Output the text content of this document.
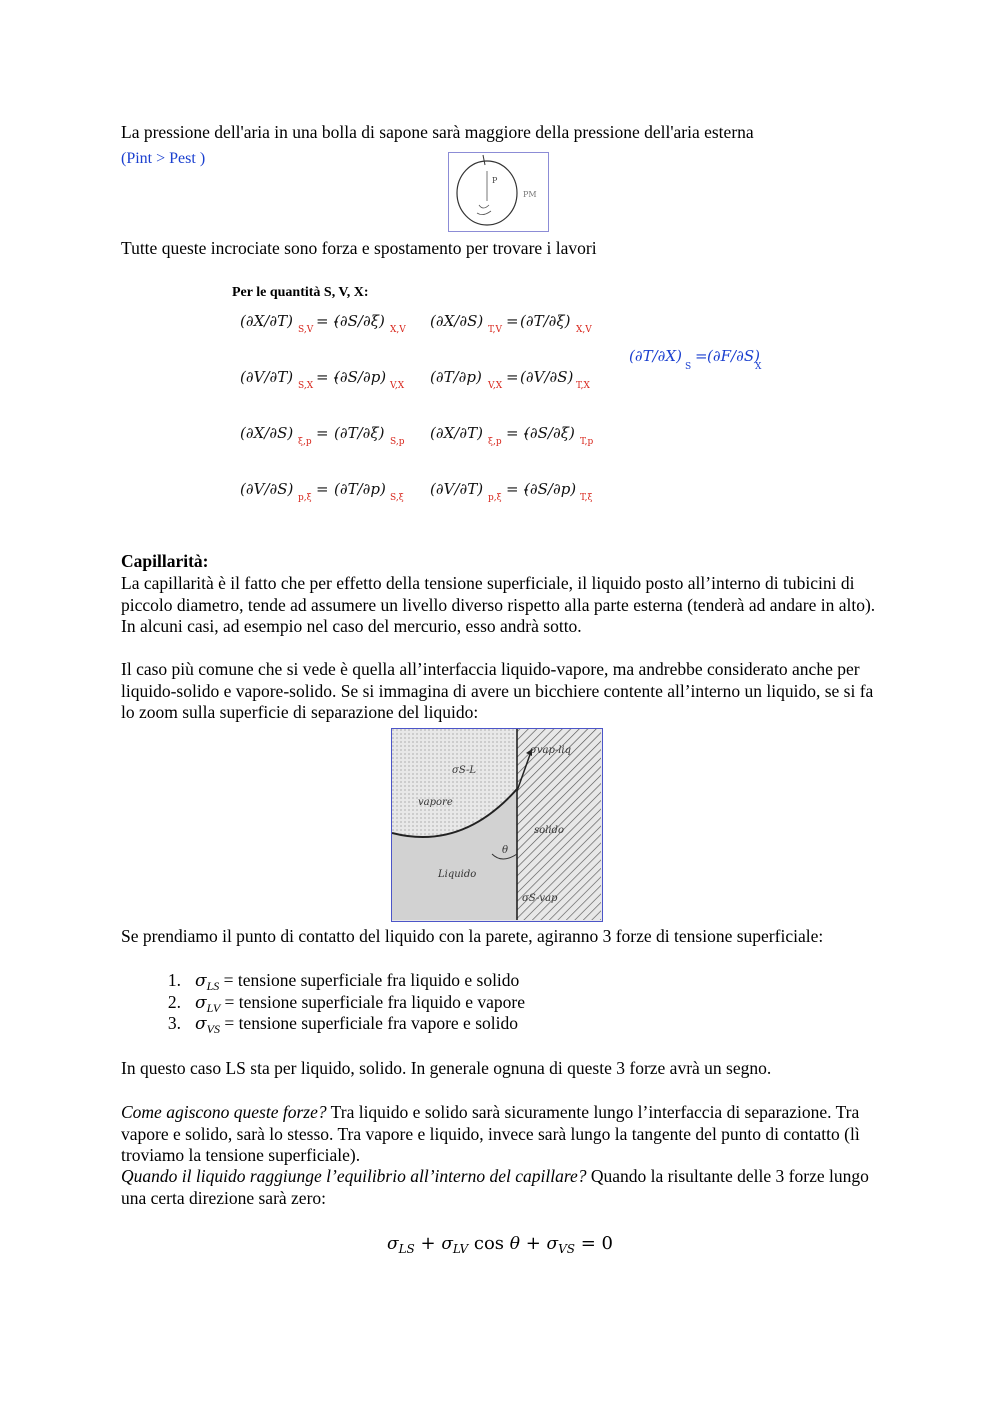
La pressione dell'aria in una bolla di sapone sarà maggiore della pressione dell'aria esterna

(Pint > Pest )

P
PM

Tutte queste incrociate sono forza e spostamento per trovare i lavori

Per le quantità S, V, X:
(∂X/∂T) S,V = -
(∂S/∂ξ) X,V (∂X/∂S) T,V = (∂T/∂ξ) X,V
(∂V/∂T) S,X = -
(∂S/∂p) V,X (∂T/∂p) V,X = (∂V/∂S) T,X
(∂X/∂S) ξ,p = (∂T/∂ξ) S,p (∂X/∂T) ξ,p = -
(∂S/∂ξ) T,p
(∂V/∂S) p,ξ = (∂T/∂p) S,ξ (∂V/∂T) p,ξ = -
(∂S/∂p) T,ξ
(∂T/∂X)
S
= (∂F/∂S)
X

Capillarità:

La capillarità è il fatto che per effetto della tensione superficiale, il liquido posto all’interno di tubicini di piccolo diametro, tende ad assumere un livello diverso rispetto alla parte esterna (tenderà ad andare in alto). In alcuni casi, ad esempio nel caso del mercurio, esso andrà sotto.

Il caso più comune che si vede è quella all’interfaccia liquido-vapore, ma andrebbe considerato anche per liquido-solido e vapore-solido. Se si immagina di avere un bicchiere contente all’interno un liquido, se si fa lo zoom sulla superficie di separazione del liquido:

σS-L
σvap-liq
vapore
solido
Liquido
θ
σS-vap

Se prendiamo il punto di contatto del liquido con la parete, agiranno 3 forze di tensione superficiale:

1. $\sigma_{LS}$ = tensione superficiale fra liquido e solido
2. $\sigma_{LV}$ = tensione superficiale fra liquido e vapore
3. $\sigma_{VS}$ = tensione superficiale fra vapore e solido

In questo caso LS sta per liquido, solido. In generale ognuna di queste 3 forze avrà un segno.

Come agiscono queste forze? Tra liquido e solido sarà sicuramente lungo l’interfaccia di separazione. Tra vapore e solido, sarà lo stesso. Tra vapore e liquido, invece sarà lungo la tangente del punto di contatto (lì troviamo la tensione superficiale).

Quando il liquido raggiunge l’equilibrio all’interno del capillare? Quando la risultante delle 3 forze lungo una certa direzione sarà zero:

$\sigma_{LS} + \sigma_{LV}$ $\cos \theta + \sigma_{VS} = 0$
